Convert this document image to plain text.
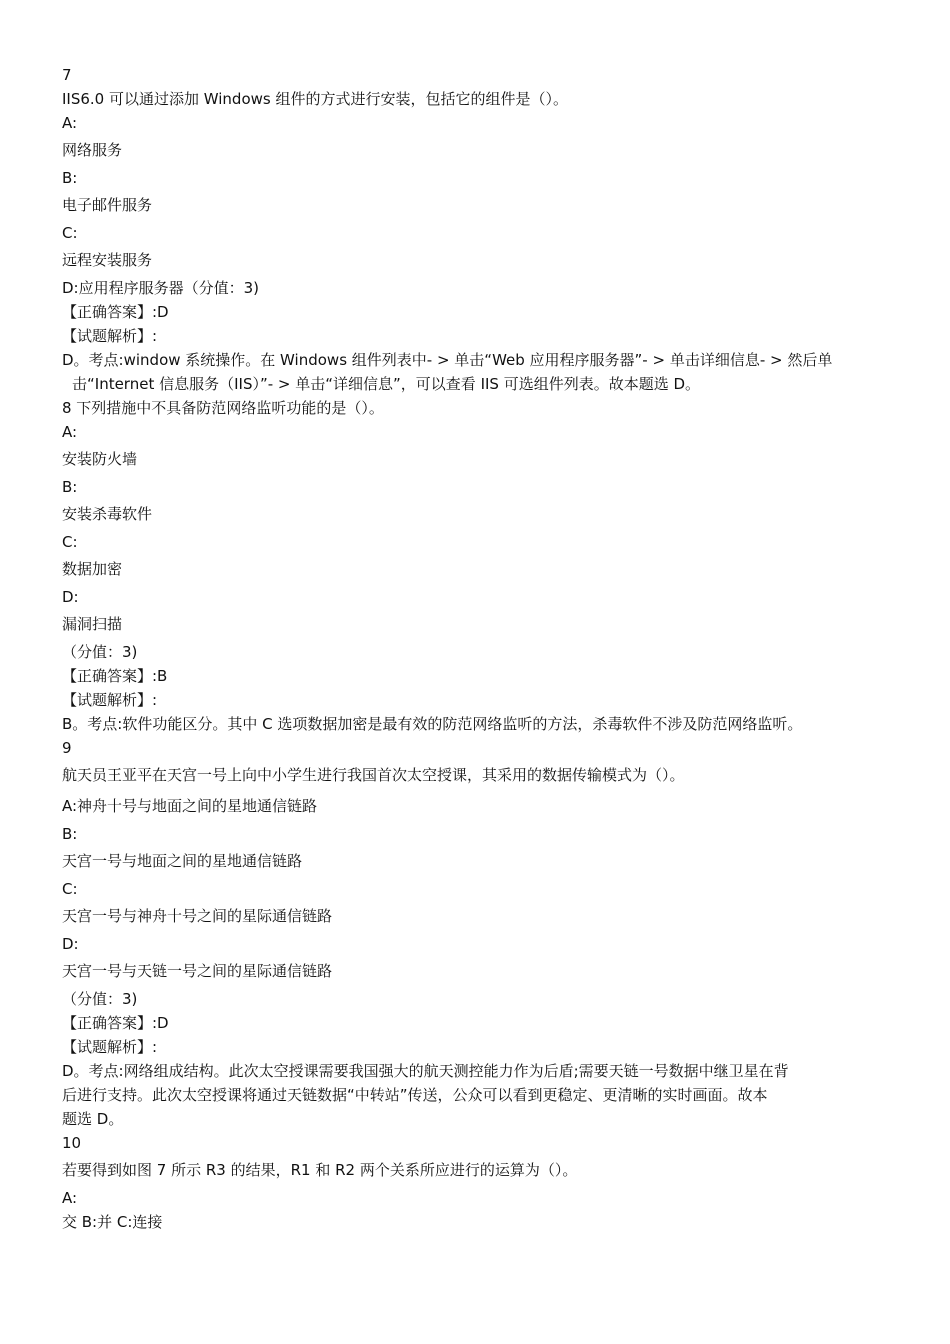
7
IIS6.0 可以通过添加 Windows 组件的方式进行安装，包括它的组件是（）。
A:
网络服务
B:
电子邮件服务
C:
远程安装服务
D:应用程序服务器（分值：3)
【正确答案】:D
【试题解析】:
D。考点:window 系统操作。在 Windows 组件列表中- > 单击“Web 应用程序服务器”- > 单击详细信息- > 然后单
击“Internet 信息服务（IIS）”- > 单击“详细信息”，可以查看 IIS 可选组件列表。故本题选 D。
8 下列措施中不具备防范网络监听功能的是（）。
A:
安装防火墙
B:
安装杀毒软件
C:
数据加密
D:
漏洞扫描
（分值：3)
【正确答案】:B
【试题解析】:
B。考点:软件功能区分。其中 C 选项数据加密是最有效的防范网络监听的方法，杀毒软件不涉及防范网络监听。
9
航天员王亚平在天宫一号上向中小学生进行我国首次太空授课，其采用的数据传输模式为（）。
A:神舟十号与地面之间的星地通信链路
B:
天宫一号与地面之间的星地通信链路
C:
天宫一号与神舟十号之间的星际通信链路
D:
天宫一号与天链一号之间的星际通信链路
（分值：3)
【正确答案】:D
【试题解析】:
D。考点:网络组成结构。此次太空授课需要我国强大的航天测控能力作为后盾;需要天链一号数据中继卫星在背
后进行支持。此次太空授课将通过天链数据“中转站”传送，公众可以看到更稳定、更清晰的实时画面。故本
题选 D。
10
若要得到如图 7 所示 R3 的结果，R1 和 R2 两个关系所应进行的运算为（）。
A:
交 B:并 C:连接
